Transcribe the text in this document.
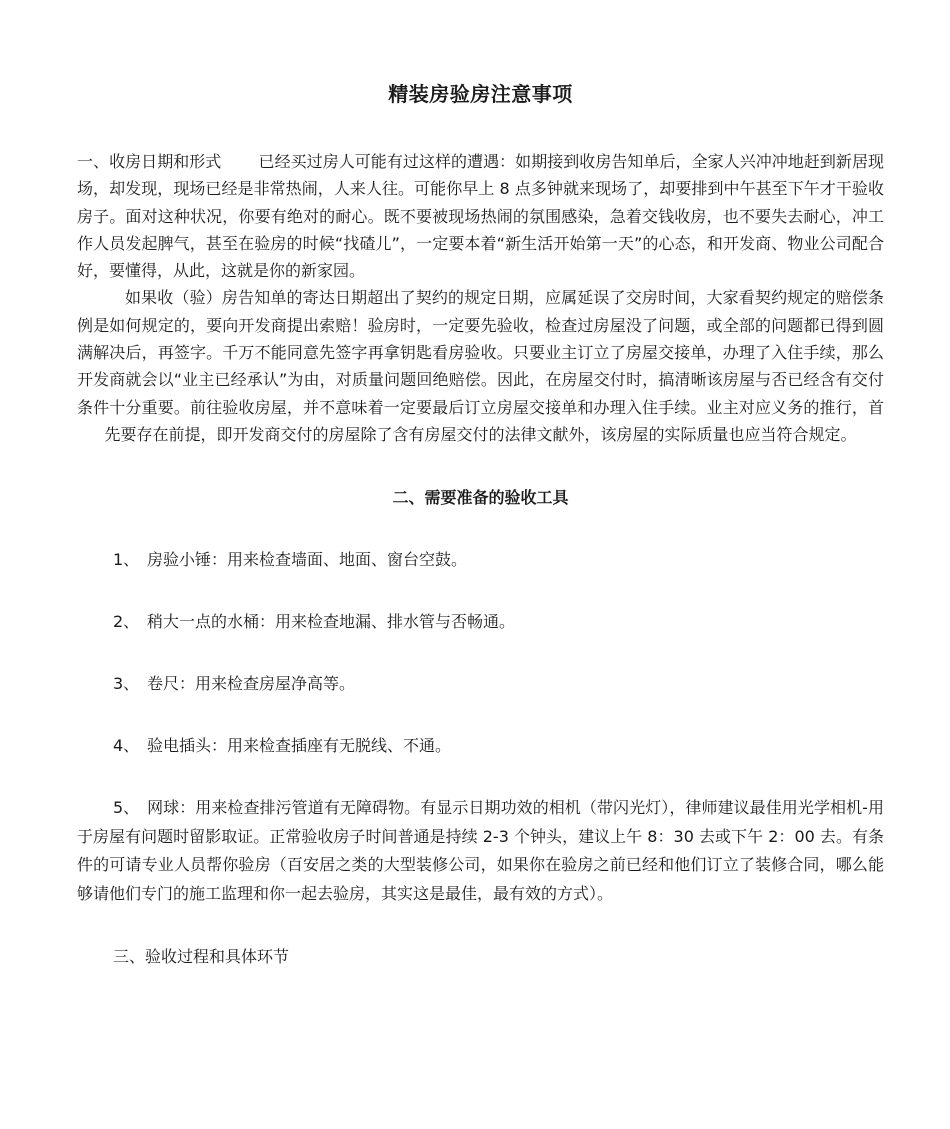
精装房验房注意事项

一、收房日期和形式　　 已经买过房人可能有过这样的遭遇：如期接到收房告知单后，全家人兴冲冲地赶到新居现场，却发现，现场已经是非常热闹，人来人往。可能你早上 8 点多钟就来现场了，却要排到中午甚至下午才干验收房子。面对这种状况，你要有绝对的耐心。既不要被现场热闹的氛围感染，急着交钱收房，也不要失去耐心，冲工作人员发起脾气，甚至在验房的时候“找碴儿”，一定要本着“新生活开始第一天”的心态，和开发商、物业公司配合好，要懂得，从此，这就是你的新家园。

如果收（验）房告知单的寄达日期超出了契约的规定日期，应属延误了交房时间，大家看契约规定的赔偿条例是如何规定的，要向开发商提出索赔！验房时，一定要先验收，检查过房屋没了问题，或全部的问题都已得到圆满解决后，再签字。千万不能同意先签字再拿钥匙看房验收。只要业主订立了房屋交接单，办理了入住手续，那么开发商就会以“业主已经承认”为由，对质量问题回绝赔偿。因此，在房屋交付时，搞清晰该房屋与否已经含有交付条件十分重要。前往验收房屋，并不意味着一定要最后订立房屋交接单和办理入住手续。业主对应义务的推行，首先要存在前提，即开发商交付的房屋除了含有房屋交付的法律文献外，该房屋的实际质量也应当符合规定。

二、需要准备的验收工具
1、 房验小锤：用来检查墙面、地面、窗台空鼓。
2、 稍大一点的水桶：用来检查地漏、排水管与否畅通。
3、 卷尺：用来检查房屋净高等。
4、 验电插头：用来检查插座有无脱线、不通。
5、 网球：用来检查排污管道有无障碍物。有显示日期功效的相机（带闪光灯），律师建议最佳用光学相机-用于房屋有问题时留影取证。正常验收房子时间普通是持续 2-3 个钟头，建议上午 8：30 去或下午 2：00 去。有条件的可请专业人员帮你验房（百安居之类的大型装修公司，如果你在验房之前已经和他们订立了装修合同，哪么能够请他们专门的施工监理和你一起去验房，其实这是最佳，最有效的方式）。
三、验收过程和具体环节
